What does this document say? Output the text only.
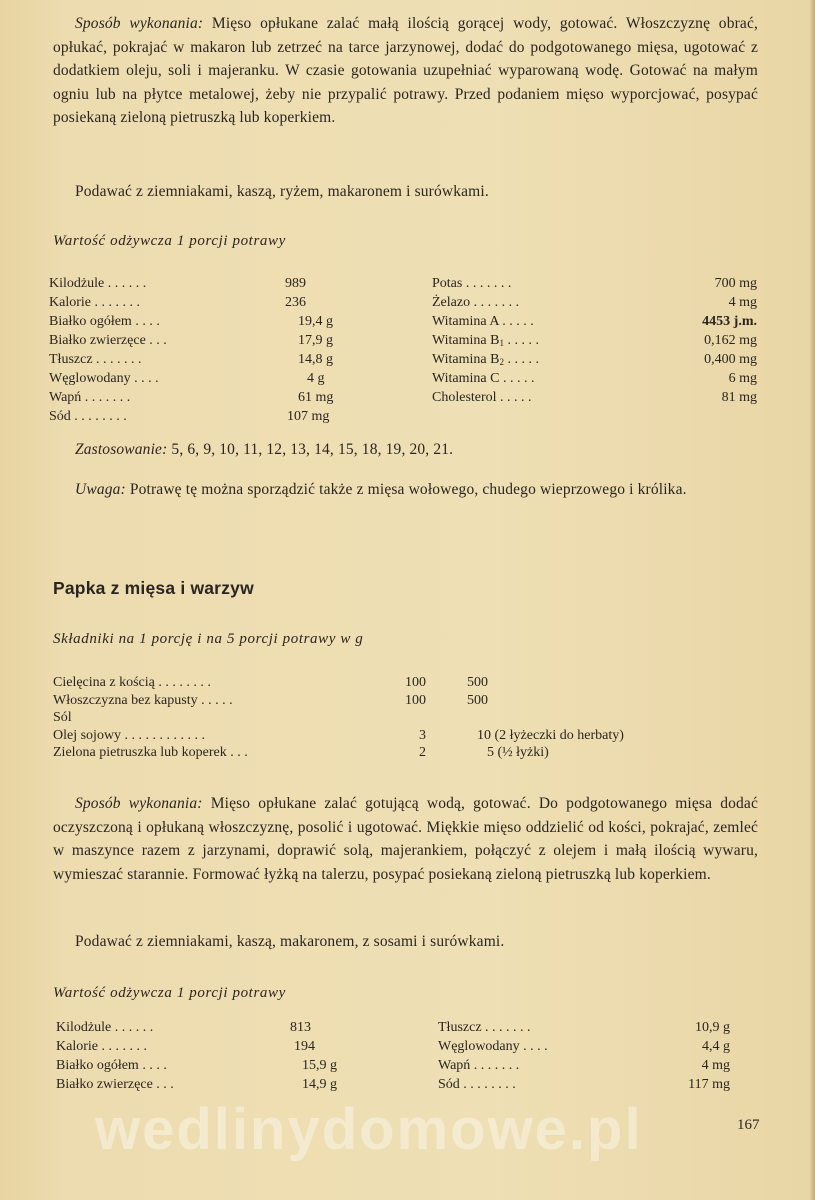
Sposób wykonania: Mięso opłukane zalać małą ilością gorącej wody, gotować. Włoszczyznę obrać, opłukać, pokrajać w makaron lub zetrzeć na tarce jarzynowej, dodać do podgotowanego mięsa, ugotować z dodatkiem oleju, soli i majeranku. W czasie gotowania uzupełniać wyparowaną wodę. Gotować na małym ogniu lub na płytce metalowej, żeby nie przypalić potrawy. Przed podaniem mięso wyporcjować, posypać posiekaną zieloną pietruszką lub koperkiem.
Podawać z ziemniakami, kaszą, ryżem, makaronem i surówkami.
Wartość odżywcza 1 porcji potrawy
Kilodżule . . . . . .	989
Kalorie . . . . . . .	236
Białko ogółem . . . .	19,4 g
Białko zwierzęce . . .	17,9 g
Tłuszcz . . . . . . .	14,8 g
Węglowodany . . . .	4 g
Wapń . . . . . . .	61 mg
Sód . . . . . . . .	107 mg
Potas . . . . . . .	700 mg
Żelazo . . . . . . .	4 mg
Witamina A . . . . .	4453 j.m.
Witamina $B_1$ . . . . .	0,162 mg
Witamina $B_2$ . . . . .	0,400 mg
Witamina C . . . . .	6 mg
Cholesterol . . . . .	81 mg
Zastosowanie: 5, 6, 9, 10, 11, 12, 13, 14, 15, 18, 19, 20, 21.
Uwaga: Potrawę tę można sporządzić także z mięsa wołowego, chudego wieprzowego i królika.
Papka z mięsa i warzyw
Składniki na 1 porcję i na 5 porcji potrawy w g
Cielęcina z kością . . . . . . . .	100	500
Włoszczyzna bez kapusty . . . . .	100	500
Sól
Olej sojowy . . . . . . . . . . . .	3	10 (2 łyżeczki do herbaty)
Zielona pietruszka lub koperek . . .	2	5 (½ łyżki)
Sposób wykonania: Mięso opłukane zalać gotującą wodą, gotować. Do podgotowanego mięsa dodać oczyszczoną i opłukaną włoszczyznę, posolić i ugotować. Miękkie mięso oddzielić od kości, pokrajać, zemleć w maszynce razem z jarzynami, doprawić solą, majerankiem, połączyć z olejem i małą ilością wywaru, wymieszać starannie. Formować łyżką na talerzu, posypać posiekaną zieloną pietruszką lub koperkiem.
Podawać z ziemniakami, kaszą, makaronem, z sosami i surówkami.
Wartość odżywcza 1 porcji potrawy
Kilodżule . . . . . .	813
Kalorie . . . . . . .	194
Białko ogółem . . . .	15,9 g
Białko zwierzęce . . .	14,9 g
Tłuszcz . . . . . . .	10,9 g
Węglowodany . . . .	4,4 g
Wapń . . . . . . .	4 mg
Sód . . . . . . . .	117 mg
wedlinydomowe.pl	167
